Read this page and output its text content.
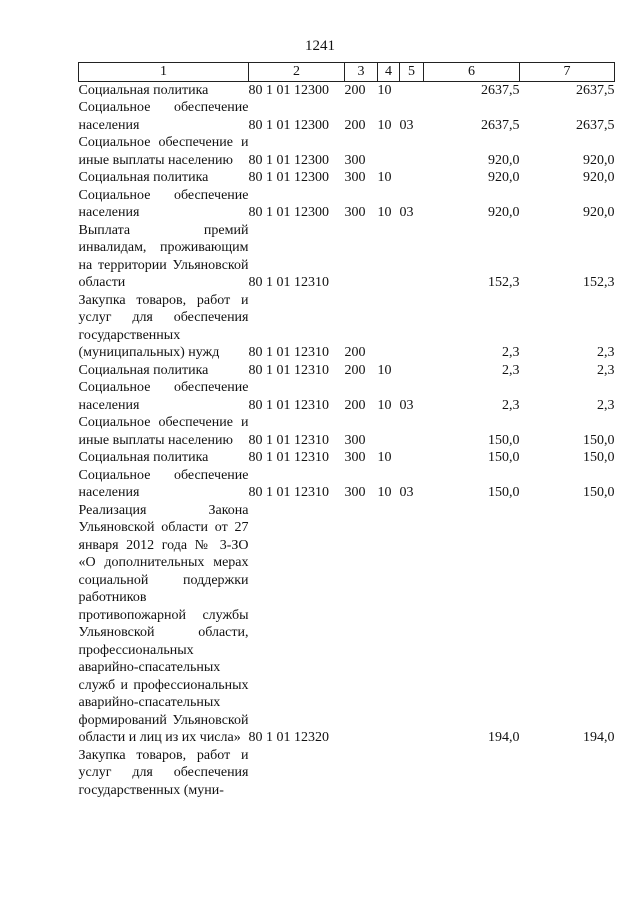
1241
1	2	3	4	5	6	7
Социальная политика	80 1 01 12300	200	10		2637,5	2637,5
Социальное обеспечение населения	80 1 01 12300	200	10	03	2637,5	2637,5
Социальное обеспечение и иные выплаты населению	80 1 01 12300	300			920,0	920,0
Социальная политика	80 1 01 12300	300	10		920,0	920,0
Социальное обеспечение населения	80 1 01 12300	300	10	03	920,0	920,0
Выплата премий инвалидам, проживающим на территории Ульяновской области	80 1 01 12310				152,3	152,3
Закупка товаров, работ и услуг для обеспечения государственных (муниципальных) нужд	80 1 01 12310	200			2,3	2,3
Социальная политика	80 1 01 12310	200	10		2,3	2,3
Социальное обеспечение населения	80 1 01 12310	200	10	03	2,3	2,3
Социальное обеспечение и иные выплаты населению	80 1 01 12310	300			150,0	150,0
Социальная политика	80 1 01 12310	300	10		150,0	150,0
Социальное обеспечение населения	80 1 01 12310	300	10	03	150,0	150,0
Реализация Закона Ульяновской области от 27 января 2012 года № 3-ЗО «О дополнительных мерах социальной поддержки работников противопожарной службы Ульяновской области, профессиональных аварийно-спасательных служб и профессиональных аварийно-спасательных формирований Ульяновской области и лиц из их числа»	80 1 01 12320				194,0	194,0
Закупка товаров, работ и услуг для обеспечения государственных (муни-						
